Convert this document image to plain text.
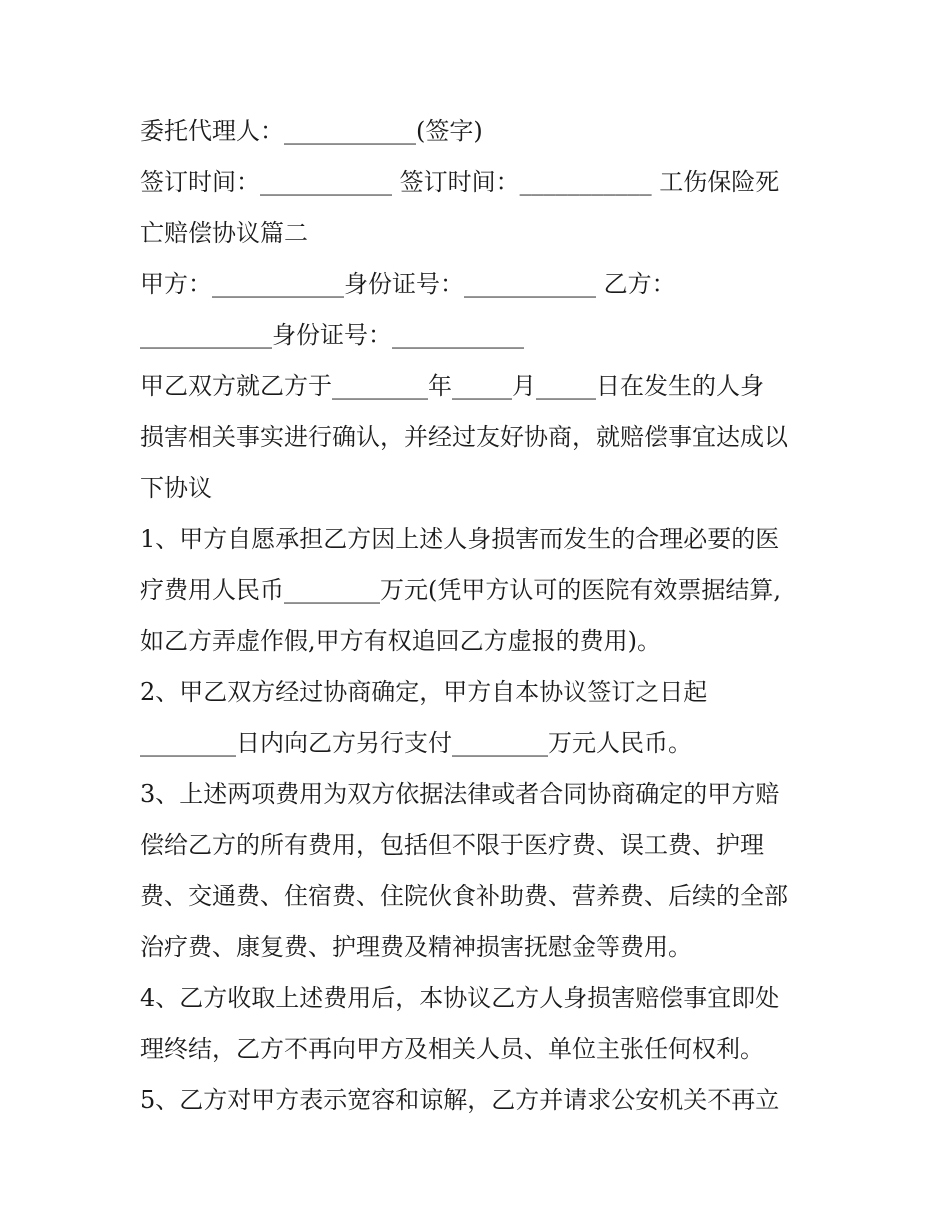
委托代理人：___________(签字)
签订时间：___________ 签订时间：___________ 工伤保险死
亡赔偿协议篇二
甲方：___________身份证号：___________ 乙方：
___________身份证号：___________
甲乙双方就乙方于________年_____月_____日在发生的人身
损害相关事实进行确认，并经过友好协商，就赔偿事宜达成以
下协议
1、甲方自愿承担乙方因上述人身损害而发生的合理必要的医
疗费用人民币________万元(凭甲方认可的医院有效票据结算,
如乙方弄虚作假,甲方有权追回乙方虚报的费用)。
2、甲乙双方经过协商确定，甲方自本协议签订之日起
________日内向乙方另行支付________万元人民币。
3、上述两项费用为双方依据法律或者合同协商确定的甲方赔
偿给乙方的所有费用，包括但不限于医疗费、误工费、护理
费、交通费、住宿费、住院伙食补助费、营养费、后续的全部
治疗费、康复费、护理费及精神损害抚慰金等费用。
4、乙方收取上述费用后，本协议乙方人身损害赔偿事宜即处
理终结，乙方不再向甲方及相关人员、单位主张任何权利。
5、乙方对甲方表示宽容和谅解，乙方并请求公安机关不再立
